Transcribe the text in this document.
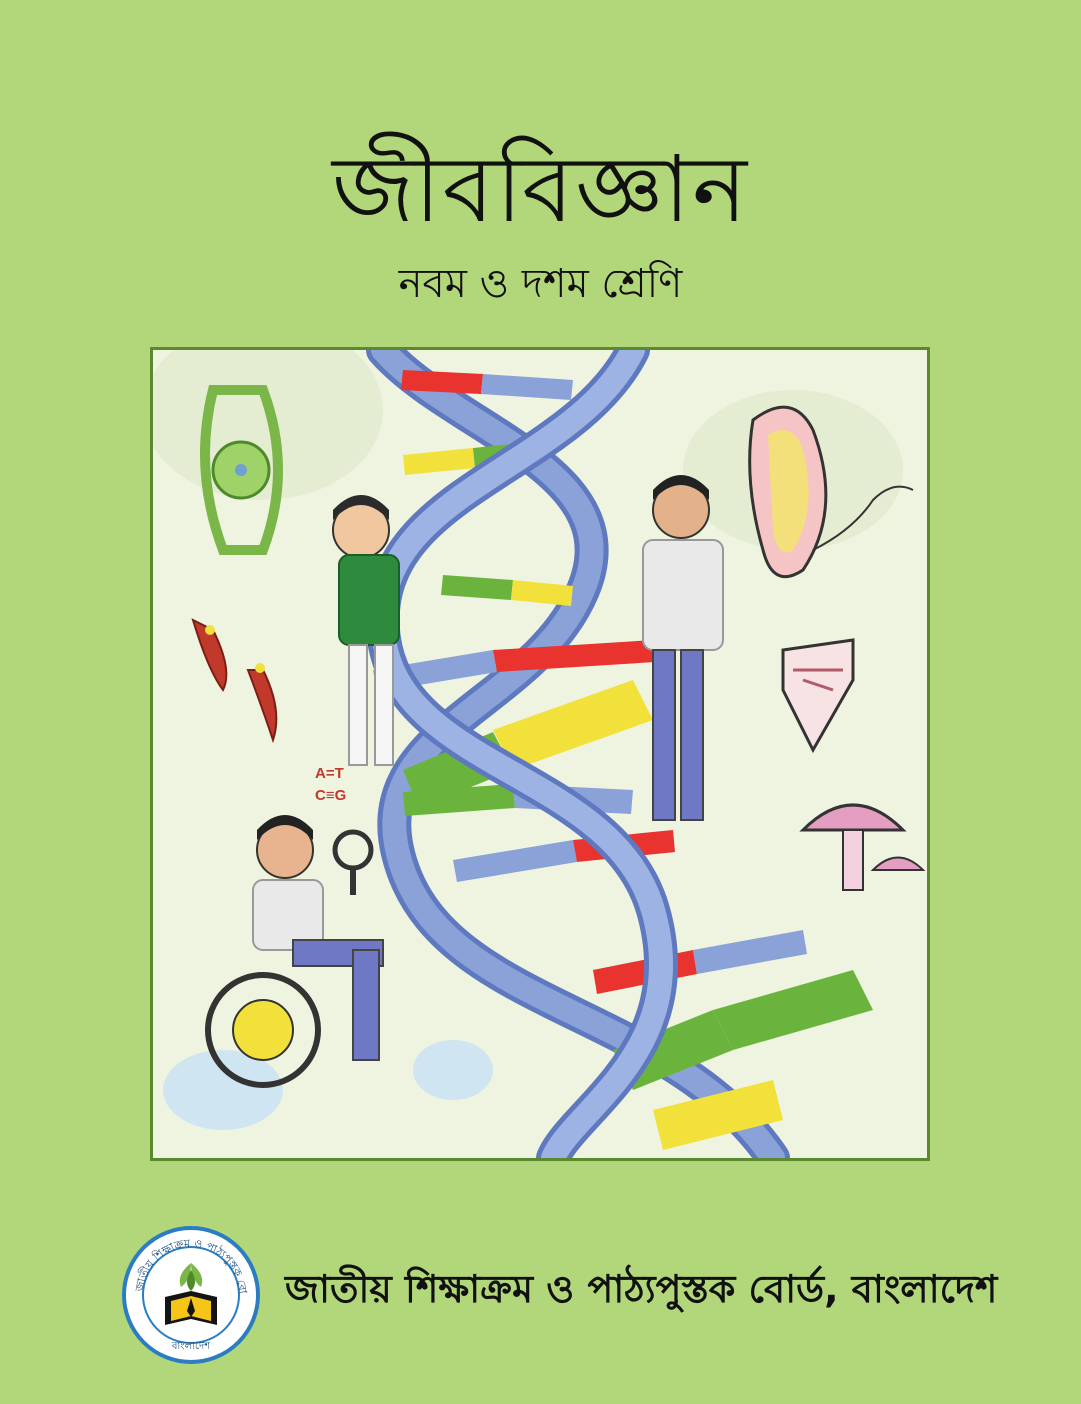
জীববিজ্ঞান
নবম ও দশম শ্রেণি
A=T
C≡G
জাতীয় শিক্ষাক্রম ও পাঠ্যপুস্তক বো
বাংলাদেশ
জাতীয় শিক্ষাক্রম ও পাঠ্যপুস্তক বোর্ড, বাংলাদেশ
